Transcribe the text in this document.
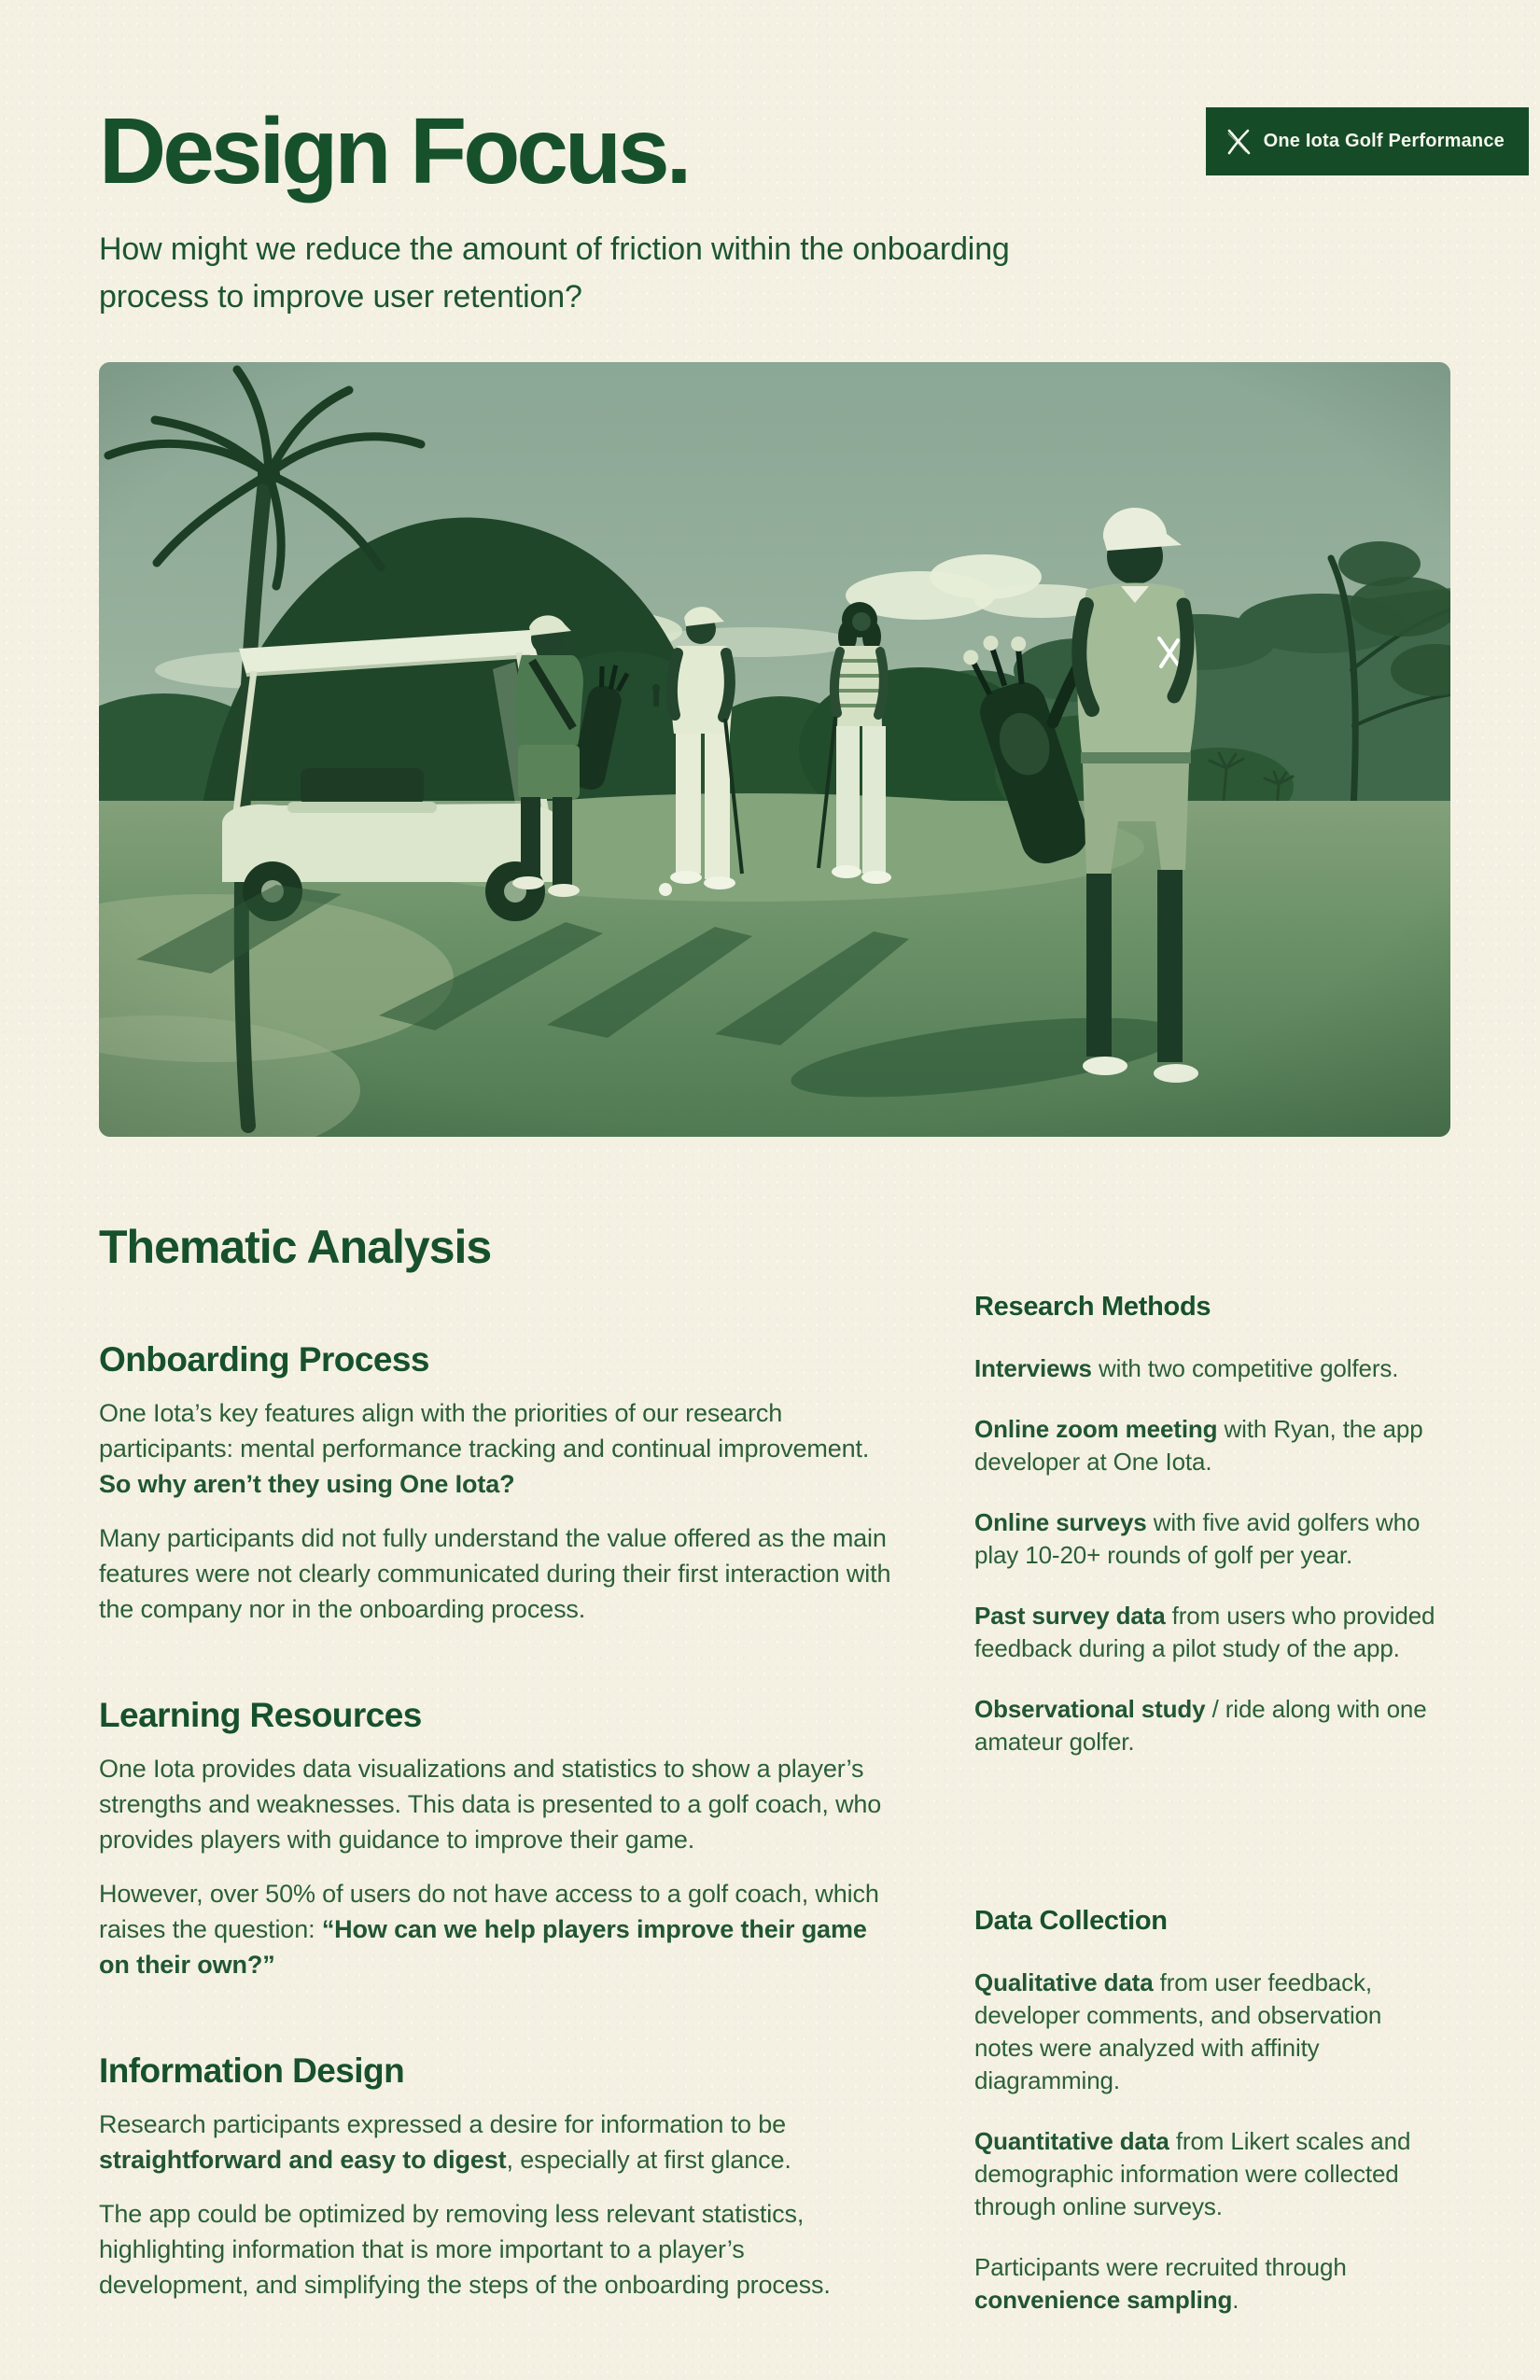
One Iota Golf Performance
Design Focus.
How might we reduce the amount of friction within the onboarding process to improve user retention?
Thematic Analysis
Onboarding Process

One Iota’s key features align with the priorities of our research participants: mental performance tracking and continual improvement. So why aren’t they using One Iota?

Many participants did not fully understand the value offered as the main features were not clearly communicated during their first interaction with the company nor in the onboarding process.

Learning Resources

One Iota provides data visualizations and statistics to show a player’s strengths and weaknesses. This data is presented to a golf coach, who provides players with guidance to improve their game.

However, over 50% of users do not have access to a golf coach, which raises the question: “How can we help players improve their game on their own?”

Information Design

Research participants expressed a desire for information to be straightforward and easy to digest, especially at first glance.

The app could be optimized by removing less relevant statistics, highlighting information that is more important to a player’s development, and simplifying the steps of the onboarding process.

Research Methods

Interviews with two competitive golfers.

Online zoom meeting with Ryan, the app developer at One Iota.

Online surveys with five avid golfers who play 10-20+ rounds of golf per year.

Past survey data from users who provided feedback during a pilot study of the app.

Observational study / ride along with one amateur golfer.

Data Collection

Qualitative data from user feedback, developer comments, and observation notes were analyzed with affinity diagramming.

Quantitative data from Likert scales and demographic information were collected through online surveys.

Participants were recruited through convenience sampling.
